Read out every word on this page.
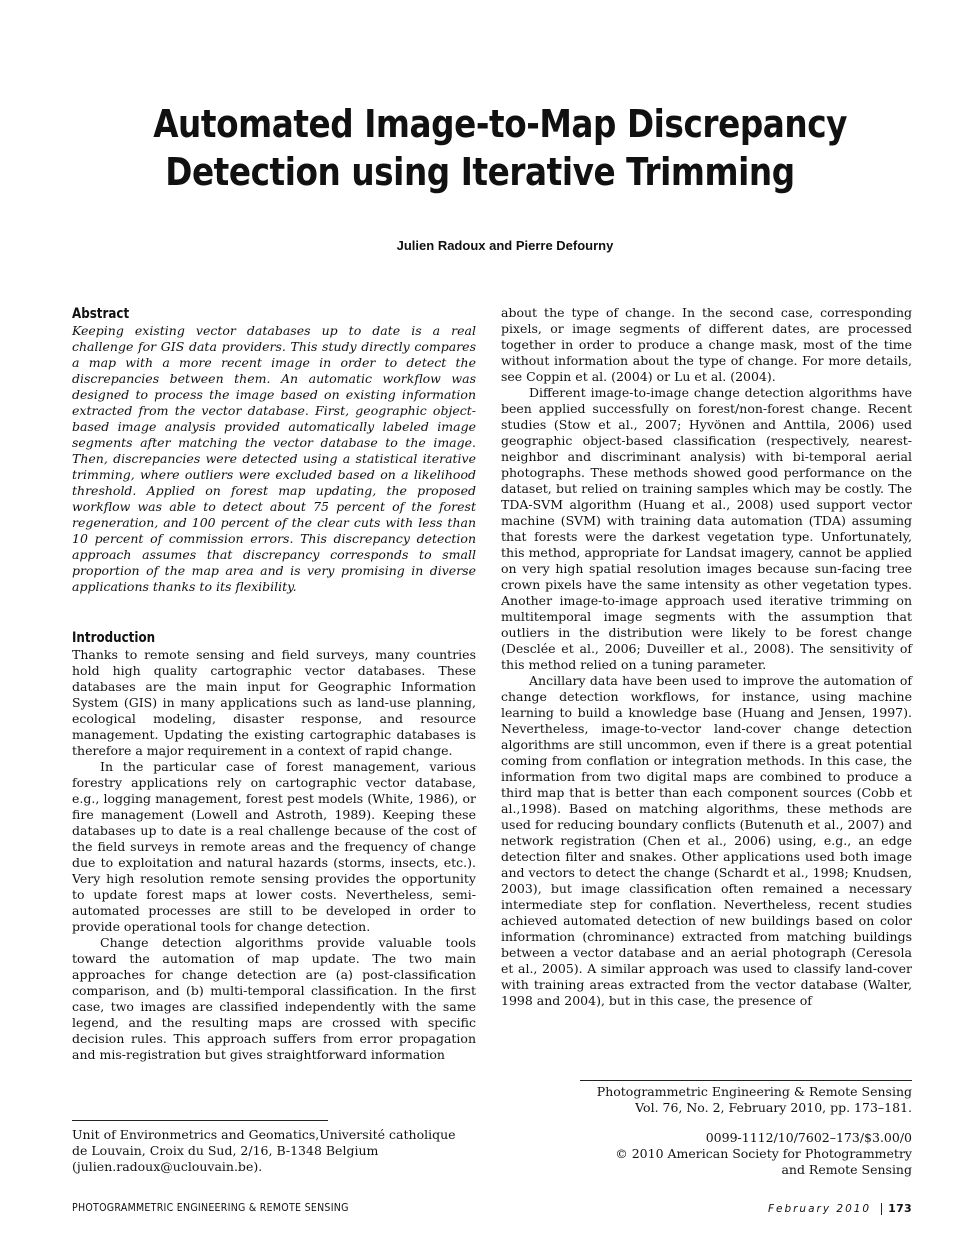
Automated Image-to-Map Discrepancy
Detection using Iterative Trimming
Julien Radoux and Pierre Defourny
Abstract

Keeping existing vector databases up to date is a real challenge for GIS data providers. This study directly compares a map with a more recent image in order to detect the discrepancies between them. An automatic workflow was designed to process the image based on existing information extracted from the vector database. First, geographic object-based image analysis provided automatically labeled image segments after matching the vector database to the image. Then, discrepancies were detected using a statistical iterative trimming, where outliers were excluded based on a likelihood threshold. Applied on forest map updating, the proposed workflow was able to detect about 75 percent of the forest regeneration, and 100 percent of the clear cuts with less than 10 percent of commission errors. This discrepancy detection approach assumes that discrepancy corresponds to small proportion of the map area and is very promising in diverse applications thanks to its flexibility.

Introduction

Thanks to remote sensing and field surveys, many countries hold high quality cartographic vector databases. These databases are the main input for Geographic Information System (GIS) in many applications such as land-use planning, ecological modeling, disaster response, and resource management. Updating the existing cartographic databases is therefore a major requirement in a context of rapid change.

In the particular case of forest management, various forestry applications rely on cartographic vector database, e.g., logging management, forest pest models (White, 1986), or fire management (Lowell and Astroth, 1989). Keeping these databases up to date is a real challenge because of the cost of the field surveys in remote areas and the frequency of change due to exploitation and natural hazards (storms, insects, etc.). Very high resolution remote sensing provides the opportunity to update forest maps at lower costs. Nevertheless, semi-automated processes are still to be developed in order to provide operational tools for change detection.

Change detection algorithms provide valuable tools toward the automation of map update. The two main approaches for change detection are (a) post-classification comparison, and (b) multi-temporal classification. In the first case, two images are classified independently with the same legend, and the resulting maps are crossed with specific decision rules. This approach suffers from error propagation and mis-registration but gives straightforward information

about the type of change. In the second case, corresponding pixels, or image segments of different dates, are processed together in order to produce a change mask, most of the time without information about the type of change. For more details, see Coppin et al. (2004) or Lu et al. (2004).

Different image-to-image change detection algorithms have been applied successfully on forest/non-forest change. Recent studies (Stow et al., 2007; Hyvönen and Anttila, 2006) used geographic object-based classification (respectively, nearest-neighbor and discriminant analysis) with bi-temporal aerial photographs. These methods showed good performance on the dataset, but relied on training samples which may be costly. The TDA-SVM algorithm (Huang et al., 2008) used support vector machine (SVM) with training data automation (TDA) assuming that forests were the darkest vegetation type. Unfortunately, this method, appropriate for Landsat imagery, cannot be applied on very high spatial resolution images because sun-facing tree crown pixels have the same intensity as other vegetation types. Another image-to-image approach used iterative trimming on multitemporal image segments with the assumption that outliers in the distribution were likely to be forest change (Desclée et al., 2006; Duveiller et al., 2008). The sensitivity of this method relied on a tuning parameter.

Ancillary data have been used to improve the automation of change detection workflows, for instance, using machine learning to build a knowledge base (Huang and Jensen, 1997). Nevertheless, image-to-vector land-cover change detection algorithms are still uncommon, even if there is a great potential coming from conflation or integration methods. In this case, the information from two digital maps are combined to produce a third map that is better than each component sources (Cobb et al.,1998). Based on matching algorithms, these methods are used for reducing boundary conflicts (Butenuth et al., 2007) and network registration (Chen et al., 2006) using, e.g., an edge detection filter and snakes. Other applications used both image and vectors to detect the change (Schardt et al., 1998; Knudsen, 2003), but image classification often remained a necessary intermediate step for conflation. Nevertheless, recent studies achieved automated detection of new buildings based on color information (chrominance) extracted from matching buildings between a vector database and an aerial photograph (Ceresola et al., 2005). A similar approach was used to classify land-cover with training areas extracted from the vector database (Walter, 1998 and 2004), but in this case, the presence of

Unit of Environmetrics and Geomatics,Université catholique
de Louvain, Croix du Sud, 2/16, B-1348 Belgium
(julien.radoux@uclouvain.be).
Photogrammetric Engineering & Remote Sensing
Vol. 76, No. 2, February 2010, pp. 173–181.
0099-1112/10/7602–173/$3.00/0
© 2010 American Society for Photogrammetry
and Remote Sensing
PHOTOGRAMMETRIC ENGINEERING & REMOTE SENSING	February 2010 173
